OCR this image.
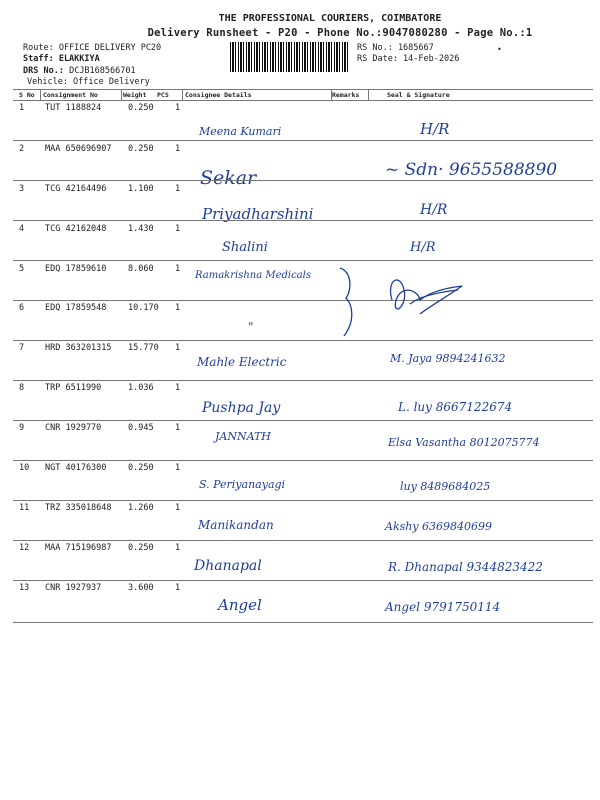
THE PROFESSIONAL COURIERS, COIMBATORE
Delivery Runsheet - P20 - Phone No.:9047080280 - Page No.:1
Route: OFFICE DELIVERY PC20
Staff: ELAKKIYA
DRS No.: DCJB168566701
Vehicle: Office Delivery
RS No.: 1685667
RS Date: 14-Feb-2026
S No Consignment No	Weight PCS	Consignee Details	Remarks	Seal & Signature
1 TUT 1188824	0.250	1
Meena Kumari	H/R
2 MAA 650696907 0.250	1
Sekar	~ Sdn· 9655588890
3 TCG 42164496	1.100	1
Priyadharshini	H/R
4 TCG 42162048	1.430	1
Shalini	H/R
5 EDQ 17859610	8.060	1
Ramakrishna Medicals
6 EDQ 17859548	10.170 1
"
7 HRD 363201315 15.770 1
Mahle Electric	M. Jaya 9894241632
8 TRP 6511990	1.036	1
Pushpa Jay	L. luy 8667122674
9 CNR 1929770	0.945	1
JANNATH	Elsa Vasantha 8012075774
10 NGT 40176300	0.250	1
S. Periyanayagi	luy 8489684025
11 TRZ 335018648 1.260	1
Manikandan	Akshy 6369840699
12 MAA 715196987 0.250	1
Dhanapal	R. Dhanapal 9344823422
13 CNR 1927937	3.600	1
Angel	Angel 9791750114
•
